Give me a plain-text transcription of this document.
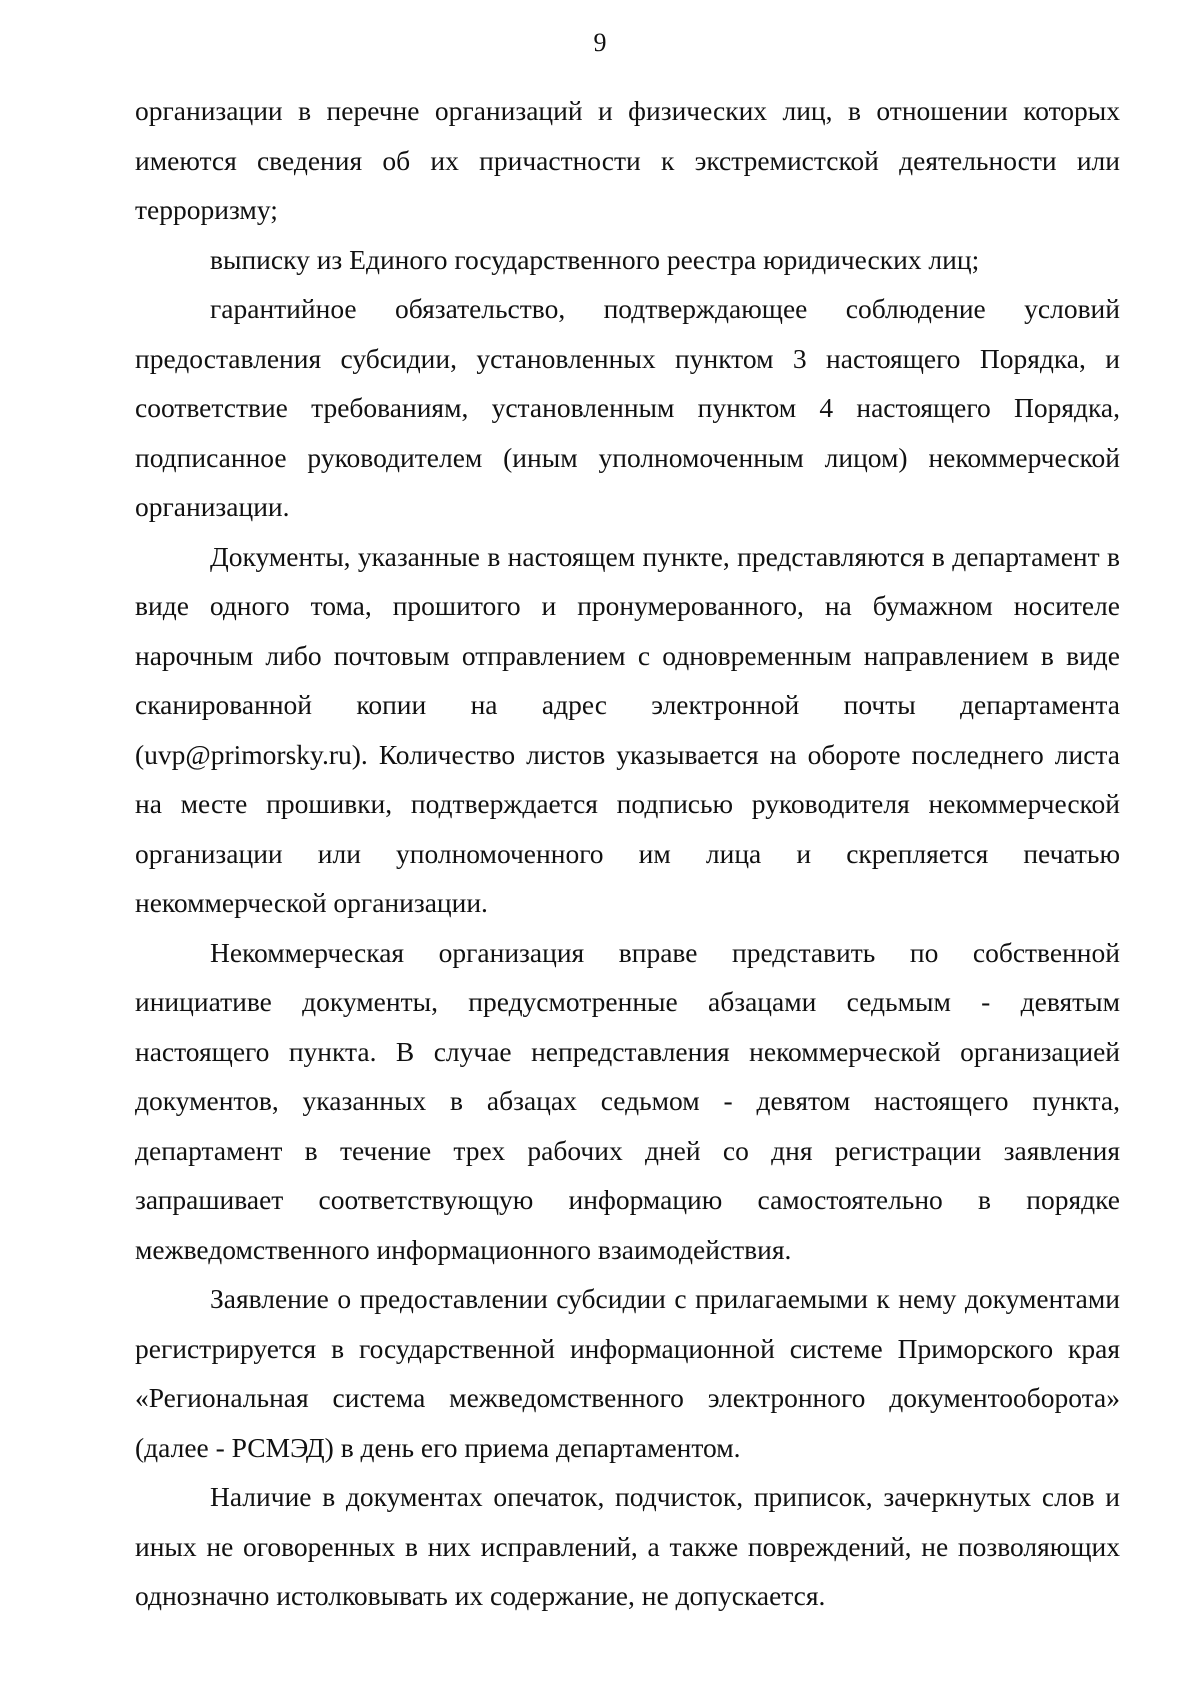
9

организации в перечне организаций и физических лиц, в отношении которых имеются сведения об их причастности к экстремистской деятельности или терроризму;

выписку из Единого государственного реестра юридических лиц;

гарантийное обязательство, подтверждающее соблюдение условий предоставления субсидии, установленных пунктом 3 настоящего Порядка, и соответствие требованиям, установленным пунктом 4 настоящего Порядка, подписанное руководителем (иным уполномоченным лицом) некоммерческой организации.

Документы, указанные в настоящем пункте, представляются в департамент в виде одного тома, прошитого и пронумерованного, на бумажном носителе нарочным либо почтовым отправлением с одновременным направлением в виде сканированной копии на адрес электронной почты департамента (uvp@primorsky.ru). Количество листов указывается на обороте последнего листа на месте прошивки, подтверждается подписью руководителя некоммерческой организации или уполномоченного им лица и скрепляется печатью некоммерческой организации.

Некоммерческая организация вправе представить по собственной инициативе документы, предусмотренные абзацами седьмым - девятым настоящего пункта. В случае непредставления некоммерческой организацией документов, указанных в абзацах седьмом - девятом настоящего пункта, департамент в течение трех рабочих дней со дня регистрации заявления запрашивает соответствующую информацию самостоятельно в порядке межведомственного информационного взаимодействия.

Заявление о предоставлении субсидии с прилагаемыми к нему документами регистрируется в государственной информационной системе Приморского края «Региональная система межведомственного электронного документооборота» (далее - РСМЭД) в день его приема департаментом.

Наличие в документах опечаток, подчисток, приписок, зачеркнутых слов и иных не оговоренных в них исправлений, а также повреждений, не позволяющих однозначно истолковывать их содержание, не допускается.
